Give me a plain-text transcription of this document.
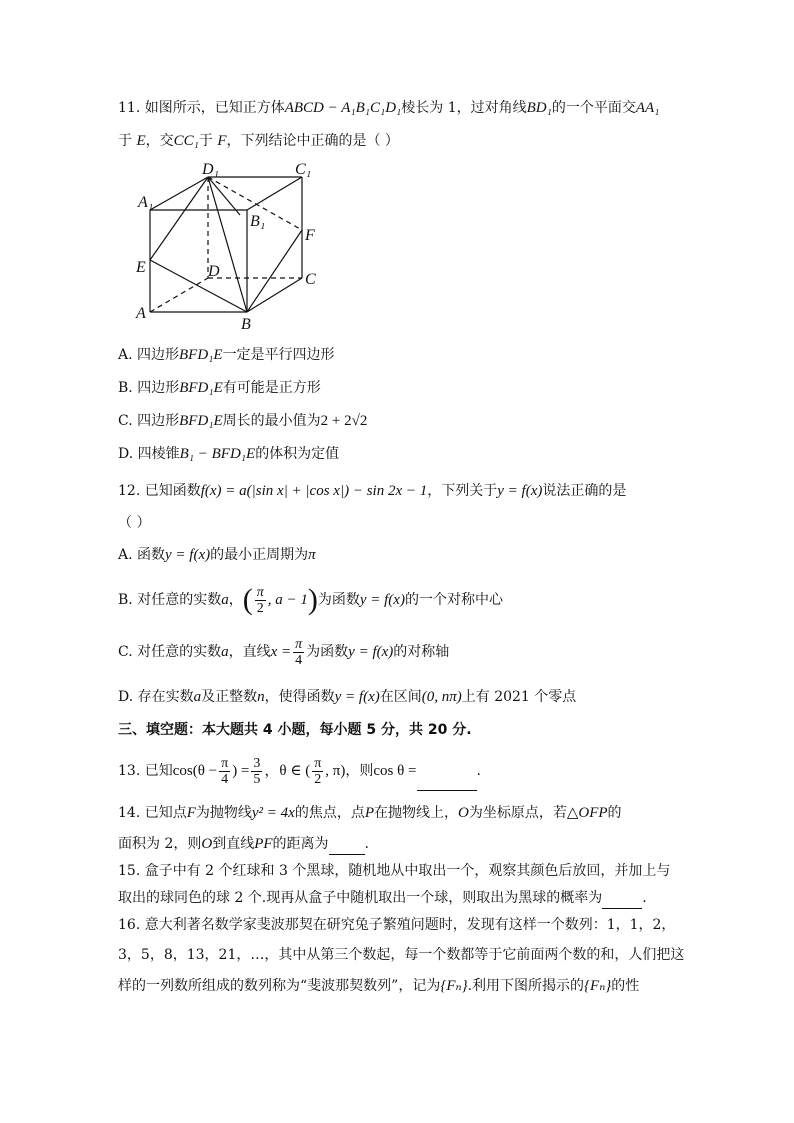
11. 如图所示，已知正方体ABCD − A₁B₁C₁D₁棱长为 1，过对角线BD₁的一个平面交AA₁
于 E，交CC₁于 F，下列结论中正确的是（ ）
D₁	C₁
A₁
B₁
F
E	D	C
A
B
A. 四边形BFD₁E一定是平行四边形
B. 四边形BFD₁E有可能是正方形
C. 四边形BFD₁E周长的最小值为2 + 2√2
D. 四棱锥B₁ − BFD₁E的体积为定值
12. 已知函数f(x) = a(|sin x| + |cos x|) − sin 2x − 1，下列关于y = f(x)说法正确的是
（ ）
A. 函数y = f(x)的最小正周期为π
B. 对任意的实数a，( $\frac{\pi}{2}$ , a − 1)为函数y = f(x)的一个对称中心
C. 对任意的实数a，直线$x = \frac{\pi}{4}$ 为函数y = f(x)的对称轴
D. 存在实数a及正整数n，使得函数y = f(x)在区间(0, nπ)上有 2021 个零点
三、填空题：本大题共 4 小题，每小题 5 分，共 20 分.
13. 已知$\cos(\theta - \frac{\pi}{4}$ ) = $\frac{3}{5}$ ，θ ∈ ( $\frac{\pi}{2}$ , π)，则cos θ =	.
14. 已知点F为抛物线y² = 4x的焦点，点P在抛物线上，O为坐标原点，若△OFP的
面积为 2，则O到直线PF的距离为	.
15. 盒子中有 2 个红球和 3 个黑球，随机地从中取出一个，观察其颜色后放回，并加上与
取出的球同色的球 2 个.现再从盒子中随机取出一个球，则取出为黑球的概率为	.
16. 意大利著名数学家斐波那契在研究兔子繁殖问题时，发现有这样一个数列：1，1，2，
3，5，8，13，21，…，其中从第三个数起，每一个数都等于它前面两个数的和，人们把这
样的一列数所组成的数列称为“斐波那契数列”，记为{Fₙ}.利用下图所揭示的{Fₙ}的性
